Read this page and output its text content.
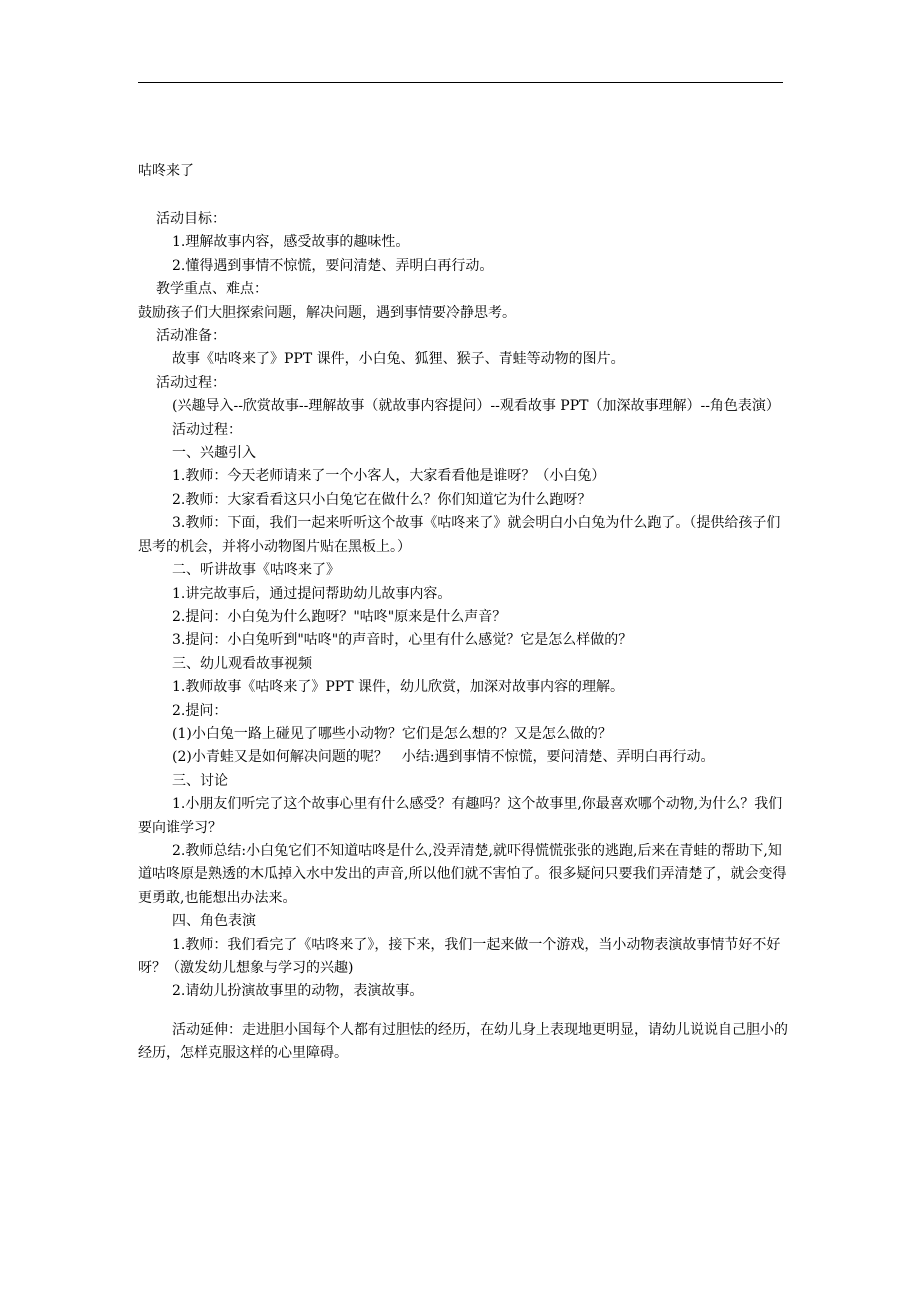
咕咚来了

活动目标：

1.理解故事内容，感受故事的趣味性。

2.懂得遇到事情不惊慌，要问清楚、弄明白再行动。

教学重点、难点：

鼓励孩子们大胆探索问题，解决问题，遇到事情要冷静思考。

活动准备：

故事《咕咚来了》PPT 课件，小白兔、狐狸、猴子、青蛙等动物的图片。

活动过程：

(兴趣导入--欣赏故事--理解故事（就故事内容提问）--观看故事 PPT（加深故事理解）--角色表演）

活动过程：

一、兴趣引入

1.教师：今天老师请来了一个小客人，大家看看他是谁呀？（小白兔）

2.教师：大家看看这只小白兔它在做什么？你们知道它为什么跑呀？

3.教师：下面，我们一起来听听这个故事《咕咚来了》就会明白小白兔为什么跑了。（提供给孩子们思考的机会，并将小动物图片贴在黑板上。）

二、听讲故事《咕咚来了》

1.讲完故事后，通过提问帮助幼儿故事内容。

2.提问：小白兔为什么跑呀？"咕咚"原来是什么声音？

3.提问：小白兔听到"咕咚"的声音时，心里有什么感觉？它是怎么样做的？

三、幼儿观看故事视频

1.教师故事《咕咚来了》PPT 课件，幼儿欣赏，加深对故事内容的理解。

2.提问：

(1)小白兔一路上碰见了哪些小动物？它们是怎么想的？又是怎么做的？

(2)小青蛙又是如何解决问题的呢？　小结:遇到事情不惊慌，要问清楚、弄明白再行动。

三、讨论

1.小朋友们听完了这个故事心里有什么感受？有趣吗？这个故事里,你最喜欢哪个动物,为什么？我们要向谁学习？

2.教师总结:小白兔它们不知道咕咚是什么,没弄清楚,就吓得慌慌张张的逃跑,后来在青蛙的帮助下,知道咕咚原是熟透的木瓜掉入水中发出的声音,所以他们就不害怕了。很多疑问只要我们弄清楚了，就会变得更勇敢,也能想出办法来。

四、角色表演

1.教师：我们看完了《咕咚来了》，接下来，我们一起来做一个游戏，当小动物表演故事情节好不好呀？（激发幼儿想象与学习的兴趣)

2.请幼儿扮演故事里的动物，表演故事。

活动延伸：走进胆小国每个人都有过胆怯的经历，在幼儿身上表现地更明显，请幼儿说说自己胆小的经历，怎样克服这样的心里障碍。
